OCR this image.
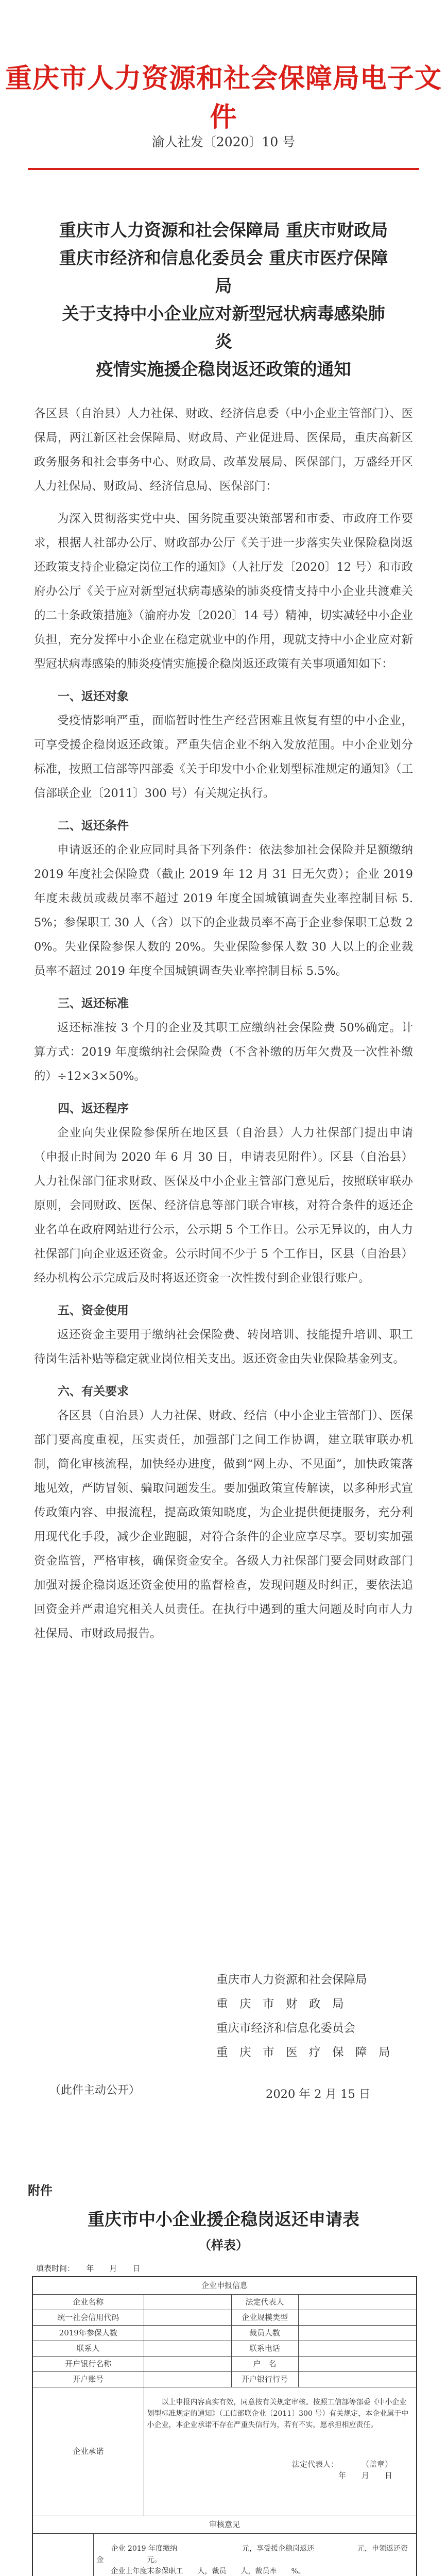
重庆市人力资源和社会保障局电子文件
渝人社发〔2020〕10 号
重庆市人力资源和社会保障局 重庆市财政局
重庆市经济和信息化委员会 重庆市医疗保障局
关于支持中小企业应对新型冠状病毒感染肺炎
疫情实施援企稳岗返还政策的通知

各区县（自治县）人力社保、财政、经济信息委（中小企业主管部门）、医保局，两江新区社会保障局、财政局、产业促进局、医保局，重庆高新区政务服务和社会事务中心、财政局、改革发展局、医保部门，万盛经开区人力社保局、财政局、经济信息局、医保部门：

为深入贯彻落实党中央、国务院重要决策部署和市委、市政府工作要求，根据人社部办公厅、财政部办公厅《关于进一步落实失业保险稳岗返还政策支持企业稳定岗位工作的通知》（人社厅发〔2020〕12 号）和市政府办公厅《关于应对新型冠状病毒感染的肺炎疫情支持中小企业共渡难关的二十条政策措施》（渝府办发〔2020〕14 号）精神，切实减轻中小企业负担，充分发挥中小企业在稳定就业中的作用，现就支持中小企业应对新型冠状病毒感染的肺炎疫情实施援企稳岗返还政策有关事项通知如下：

一、返还对象

受疫情影响严重，面临暂时性生产经营困难且恢复有望的中小企业，可享受援企稳岗返还政策。严重失信企业不纳入发放范围。中小企业划分标准，按照工信部等四部委《关于印发中小企业划型标准规定的通知》（工信部联企业〔2011〕300 号）有关规定执行。

二、返还条件

申请返还的企业应同时具备下列条件：依法参加社会保险并足额缴纳 2019 年度社会保险费（截止 2019 年 12 月 31 日无欠费）；企业 2019 年度未裁员或裁员率不超过 2019 年度全国城镇调查失业率控制目标 5.5%；参保职工 30 人（含）以下的企业裁员率不高于企业参保职工总数 20%。失业保险参保人数的 20%。失业保险参保人数 30 人以上的企业裁员率不超过 2019 年度全国城镇调查失业率控制目标 5.5%。

三、返还标准

返还标准按 3 个月的企业及其职工应缴纳社会保险费 50%确定。计算方式：2019 年度缴纳社会保险费（不含补缴的历年欠费及一次性补缴的）÷12×3×50%。

四、返还程序

企业向失业保险参保所在地区县（自治县）人力社保部门提出申请（申报止时间为 2020 年 6 月 30 日，申请表见附件）。区县（自治县）人力社保部门征求财政、医保及中小企业主管部门意见后，按照联审联办原则，会同财政、医保、经济信息等部门联合审核，对符合条件的返还企业名单在政府网站进行公示，公示期 5 个工作日。公示无异议的，由人力社保部门向企业返还资金。公示时间不少于 5 个工作日，区县（自治县）经办机构公示完成后及时将返还资金一次性拨付到企业银行账户。

五、资金使用

返还资金主要用于缴纳社会保险费、转岗培训、技能提升培训、职工待岗生活补贴等稳定就业岗位相关支出。返还资金由失业保险基金列支。

六、有关要求

各区县（自治县）人力社保、财政、经信（中小企业主管部门）、医保部门要高度重视，压实责任，加强部门之间工作协调，建立联审联办机制，简化审核流程，加快经办进度，做到“网上办、不见面”，加快政策落地见效，严防冒领、骗取问题发生。要加强政策宣传解读，以多种形式宣传政策内容、申报流程，提高政策知晓度，为企业提供便捷服务，充分利用现代化手段，减少企业跑腿，对符合条件的企业应享尽享。要切实加强资金监管，严格审核，确保资金安全。各级人力社保部门要会同财政部门加强对援企稳岗返还资金使用的监督检查，发现问题及时纠正，要依法追回资金并严肃追究相关人员责任。在执行中遇到的重大问题及时向市人力社保局、市财政局报告。

重庆市人力资源和社会保障局
重　庆　市　财　政　局
重庆市经济和信息化委员会
重　庆　市　医　疗　保　障　局
2020 年 2 月 15 日
（此件主动公开）
附件
重庆市中小企业援企稳岗返还申请表
（样表）
填表时间：　　年　　月　　日
企业申报信息				
企业名称			法定代表人	
统一社会信用代码			企业规模类型	
2019年参保人数			裁员人数	
联系人			联系电话	
开户银行名称			户　名	
开户账号			开户银行行号	
企业承诺		以上申报内容真实有效，同意按有关规定审核。按照工信部等部委《中小企业划型标准规定的通知》（工信部联企业〔2011〕300 号）有关规定，本企业属于中小企业，本企业承诺不存在严重失信行为，若有不实，愿承担相应责任。
法定代表人：　　　　（盖章）
年　　月　　日		

审核意见				

企业 2019 年度缴纳　　　　　　　　　元，享受援企稳岗返还　　　　　　元，申领返还资金　　　　　　元。
企业上年度末参保职工　　人，裁员　　人，裁员率　　%。			
